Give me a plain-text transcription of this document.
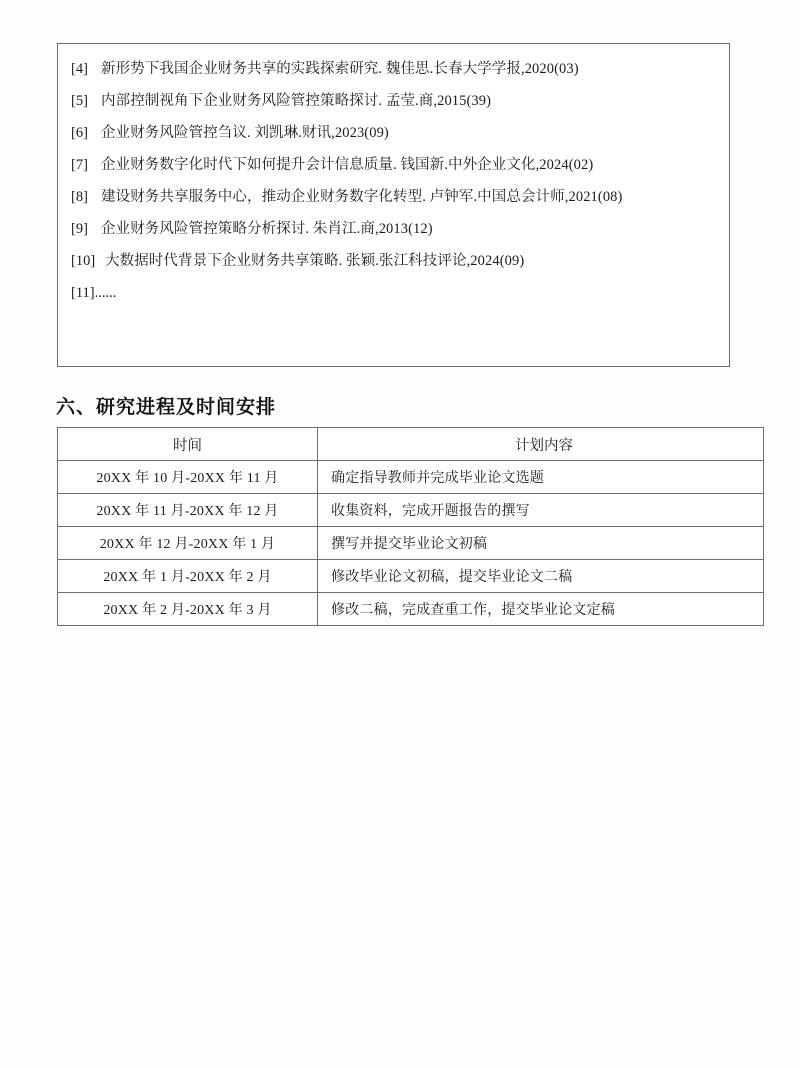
[4] 新形势下我国企业财务共享的实践探索研究. 魏佳思.长春大学学报,2020(03)
[5] 内部控制视角下企业财务风险管控策略探讨. 孟莹.商,2015(39)
[6] 企业财务风险管控刍议. 刘凯琳.财讯,2023(09)
[7] 企业财务数字化时代下如何提升会计信息质量. 钱国新.中外企业文化,2024(02)
[8] 建设财务共享服务中心，推动企业财务数字化转型. 卢钟军.中国总会计师,2021(08)
[9] 企业财务风险管控策略分析探讨. 朱肖江.商,2013(12)
[10] 大数据时代背景下企业财务共享策略. 张颖.张江科技评论,2024(09)
[11]......
六、研究进程及时间安排
时间	计划内容
20XX 年 10 月-20XX 年 11 月	确定指导教师并完成毕业论文选题
20XX 年 11 月-20XX 年 12 月	收集资料，完成开题报告的撰写
20XX 年 12 月-20XX 年 1 月	撰写并提交毕业论文初稿
20XX 年 1 月-20XX 年 2 月	修改毕业论文初稿，提交毕业论文二稿
20XX 年 2 月-20XX 年 3 月	修改二稿，完成查重工作，提交毕业论文定稿
